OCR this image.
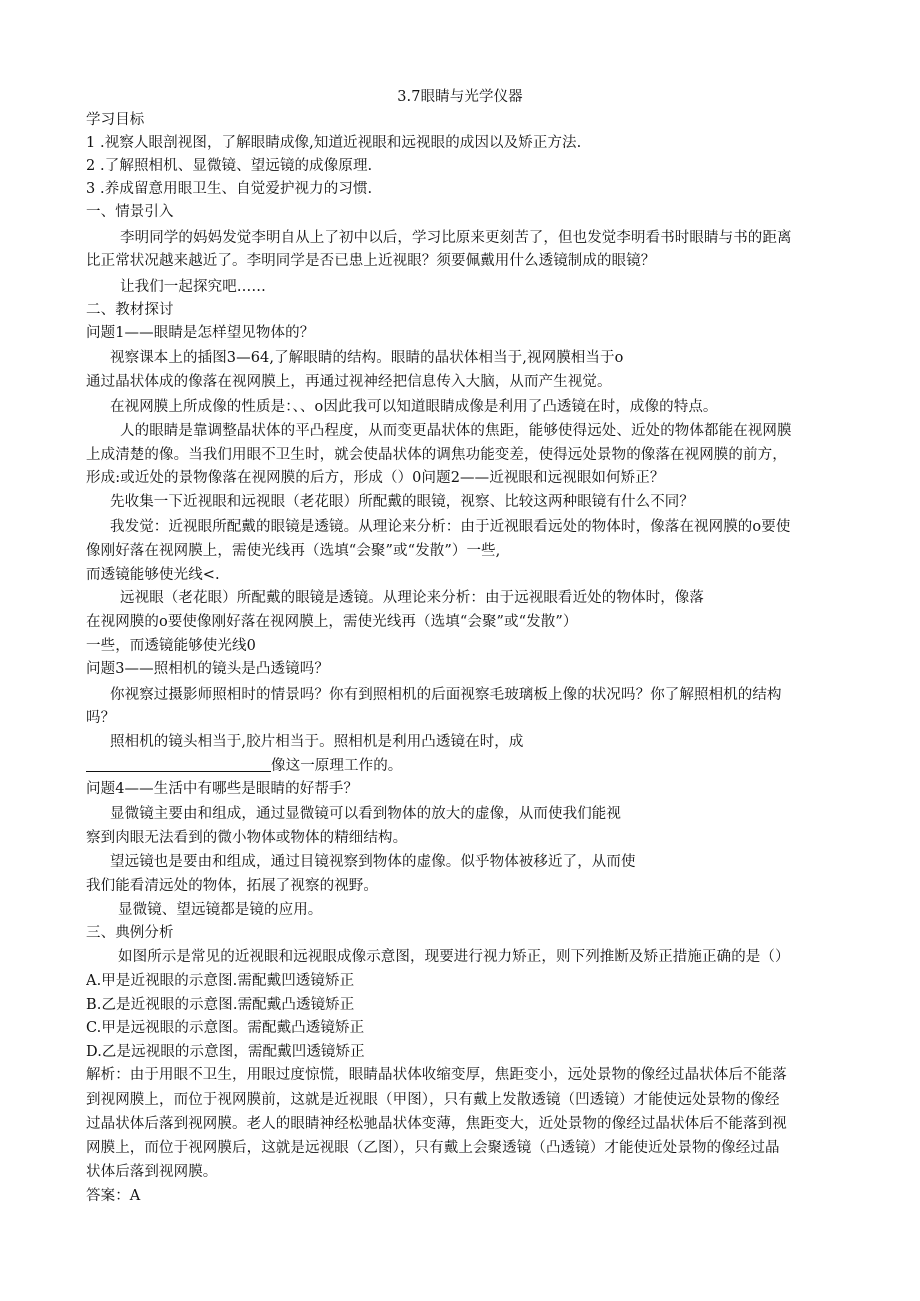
3.7眼睛与光学仪器
学习目标
1 .视察人眼剖视图，了解眼睛成像,知道近视眼和远视眼的成因以及矫正方法.
2 .了解照相机、显微镜、望远镜的成像原理.
3 .养成留意用眼卫生、自觉爱护视力的习惯.
一、情景引入
李明同学的妈妈发觉李明自从上了初中以后，学习比原来更刻苦了，但也发觉李明看书时眼睛与书的距离
比正常状况越来越近了。李明同学是否已患上近视眼？须要佩戴用什么透镜制成的眼镜？
让我们一起探究吧……
二、教材探讨
问题1——眼睛是怎样望见物体的？
视察课本上的插图3—64,了解眼睛的结构。眼睛的晶状体相当于,视网膜相当于o
通过晶状体成的像落在视网膜上，再通过视神经把信息传入大脑，从而产生视觉。
在视网膜上所成像的性质是：、、o因此我可以知道眼睛成像是利用了凸透镜在时，成像的特点。
人的眼睛是靠调整晶状体的平凸程度，从而变更晶状体的焦距，能够使得远处、近处的物体都能在视网膜
上成清楚的像。当我们用眼不卫生时，就会使晶状体的调焦功能变差，使得远处景物的像落在视网膜的前方，
形成:或近处的景物像落在视网膜的后方，形成（）0问题2——近视眼和远视眼如何矫正？
先收集一下近视眼和远视眼（老花眼）所配戴的眼镜，视察、比较这两种眼镜有什么不同？
我发觉：近视眼所配戴的眼镜是透镜。从理论来分析：由于近视眼看远处的物体时，像落在视网膜的o要使
像刚好落在视网膜上，需使光线再（选填“会聚”或“发散”）一些,
而透镜能够使光线<.
远视眼（老花眼）所配戴的眼镜是透镜。从理论来分析：由于远视眼看近处的物体时，像落
在视网膜的o要使像刚好落在视网膜上，需使光线再（选填“会聚”或“发散”）
一些，而透镜能够使光线0
问题3——照相机的镜头是凸透镜吗？
你视察过摄影师照相时的情景吗？你有到照相机的后面视察毛玻璃板上像的状况吗？你了解照相机的结构
吗？
照相机的镜头相当于,胶片相当于。照相机是利用凸透镜在时，成
像这一原理工作的。
问题4——生活中有哪些是眼睛的好帮手？
显微镜主要由和组成，通过显微镜可以看到物体的放大的虚像，从而使我们能视
察到肉眼无法看到的微小物体或物体的精细结构。
望远镜也是要由和组成，通过目镜视察到物体的虚像。似乎物体被移近了，从而使
我们能看清远处的物体，拓展了视察的视野。
显微镜、望远镜都是镜的应用。
三、典例分析
如图所示是常见的近视眼和远视眼成像示意图，现要进行视力矫正，则下列推断及矫正措施正确的是（）
A.甲是近视眼的示意图.需配戴凹透镜矫正
B.乙是近视眼的示意图.需配戴凸透镜矫正
C.甲是远视眼的示意图。需配戴凸透镜矫正
D.乙是远视眼的示意图，需配戴凹透镜矫正
解析：由于用眼不卫生，用眼过度惊慌，眼睛晶状体收缩变厚，焦距变小，远处景物的像经过晶状体后不能落
到视网膜上，而位于视网膜前，这就是近视眼（甲图），只有戴上发散透镜（凹透镜）才能使远处景物的像经
过晶状体后落到视网膜。老人的眼睛神经松驰晶状体变薄，焦距变大，近处景物的像经过晶状体后不能落到视
网膜上，而位于视网膜后，这就是远视眼（乙图），只有戴上会聚透镜（凸透镜）才能使近处景物的像经过晶
状体后落到视网膜。
答案：A
